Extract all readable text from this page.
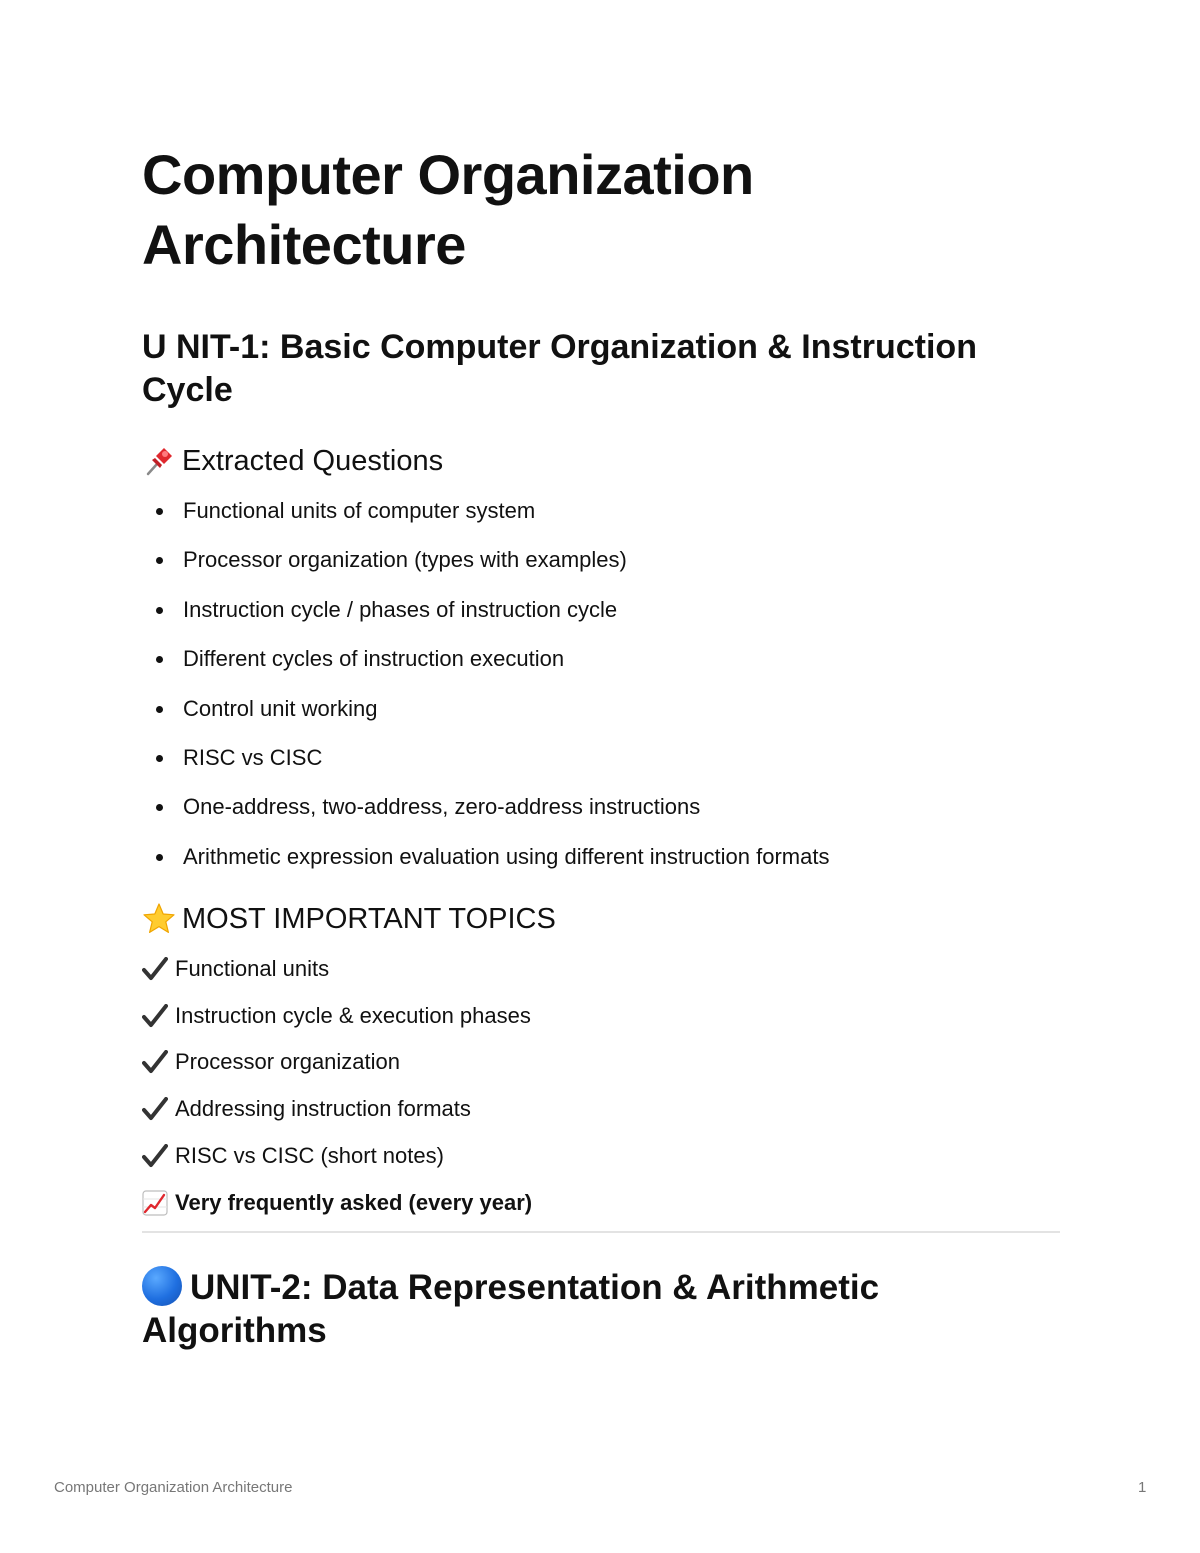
Computer Organization Architecture
U NIT-1: Basic Computer Organization & Instruction Cycle
Extracted Questions
Functional units of computer system
Processor organization (types with examples)
Instruction cycle / phases of instruction cycle
Different cycles of instruction execution
Control unit working
RISC vs CISC
One-address, two-address, zero-address instructions
Arithmetic expression evaluation using different instruction formats
MOST IMPORTANT TOPICS
Functional units
Instruction cycle & execution phases
Processor organization
Addressing instruction formats
RISC vs CISC (short notes)
Very frequently asked (every year)
UNIT-2: Data Representation & Arithmetic Algorithms
Computer Organization Architecture	1
